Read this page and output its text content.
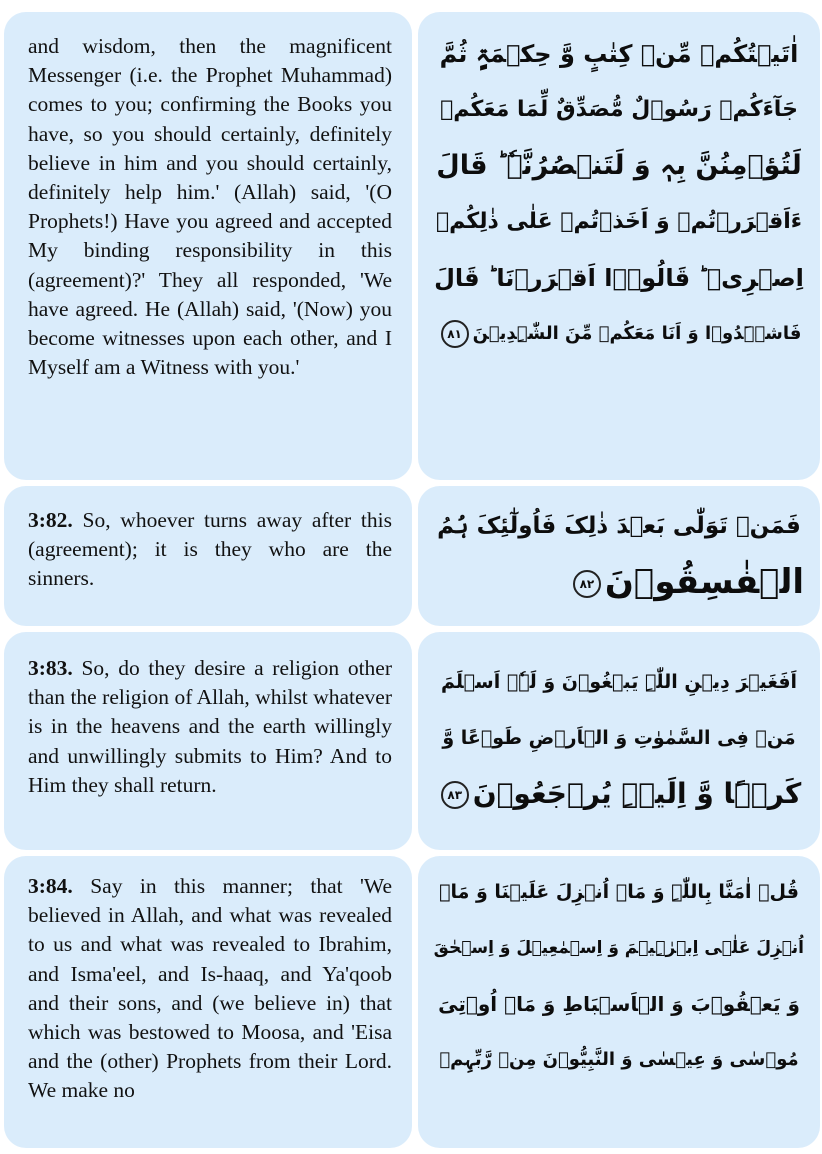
and wisdom, then the magnificent Messenger (i.e. the Prophet Muhammad) comes to you; confirming the Books you have, so you should certainly, definitely believe in him and you should certainly, definitely help him.' (Allah) said, '(O Prophets!) Have you agreed and accepted My binding responsibility in this (agreement)?' They all responded, 'We have agreed. He (Allah) said, '(Now) you become witnesses upon each other, and I Myself am a Witness with you.'

اٰتَیۡتُکُمۡ مِّنۡ کِتٰبٍ وَّ حِکۡمَۃٍ ثُمَّ
جَآءَکُمۡ رَسُوۡلٌ مُّصَدِّقٌ لِّمَا مَعَکُمۡ
لَتُؤۡمِنُنَّ بِہٖ وَ لَتَنۡصُرُنَّہٗ ؕ قَالَ
ءَاَقۡرَرۡتُمۡ وَ اَخَذۡتُمۡ عَلٰی ذٰلِکُمۡ
اِصۡرِیۡ ؕ قَالُوۡۤا اَقۡرَرۡنَا ؕ قَالَ
فَاشۡہَدُوۡا وَ اَنَا مَعَکُمۡ مِّنَ الشّٰہِدِیۡنَ٨١

3:82. So, whoever turns away after this (agreement); it is they who are the sinners.

فَمَنۡ تَوَلّٰی بَعۡدَ ذٰلِکَ فَاُولٰٓئِکَ ہُمُ
الۡفٰسِقُوۡنَ٨٢

3:83. So, do they desire a religion other than the religion of Allah, whilst whatever is in the heavens and the earth willingly and unwillingly submits to Him? And to Him they shall return.

اَفَغَیۡرَ دِیۡنِ اللّٰہِ یَبۡغُوۡنَ وَ لَہٗۤ اَسۡلَمَ
مَنۡ فِی السَّمٰوٰتِ وَ الۡاَرۡضِ طَوۡعًا وَّ
کَرۡہًا وَّ اِلَیۡہِ یُرۡجَعُوۡنَ٨٣

3:84. Say in this manner; that 'We believed in Allah, and what was revealed to us and what was revealed to Ibrahim, and Isma'eel, and Is-haaq, and Ya'qoob and their sons, and (we believe in) that which was bestowed to Moosa, and 'Eisa and the (other) Prophets from their Lord. We make no

قُلۡ اٰمَنَّا بِاللّٰہِ وَ مَاۤ اُنۡزِلَ عَلَیۡنَا وَ مَاۤ
اُنۡزِلَ عَلٰۤی اِبۡرٰہِیۡمَ وَ اِسۡمٰعِیۡلَ وَ اِسۡحٰقَ
وَ یَعۡقُوۡبَ وَ الۡاَسۡبَاطِ وَ مَاۤ اُوۡتِیَ
مُوۡسٰی وَ عِیۡسٰی وَ النَّبِیُّوۡنَ مِنۡ رَّبِّہِمۡ
